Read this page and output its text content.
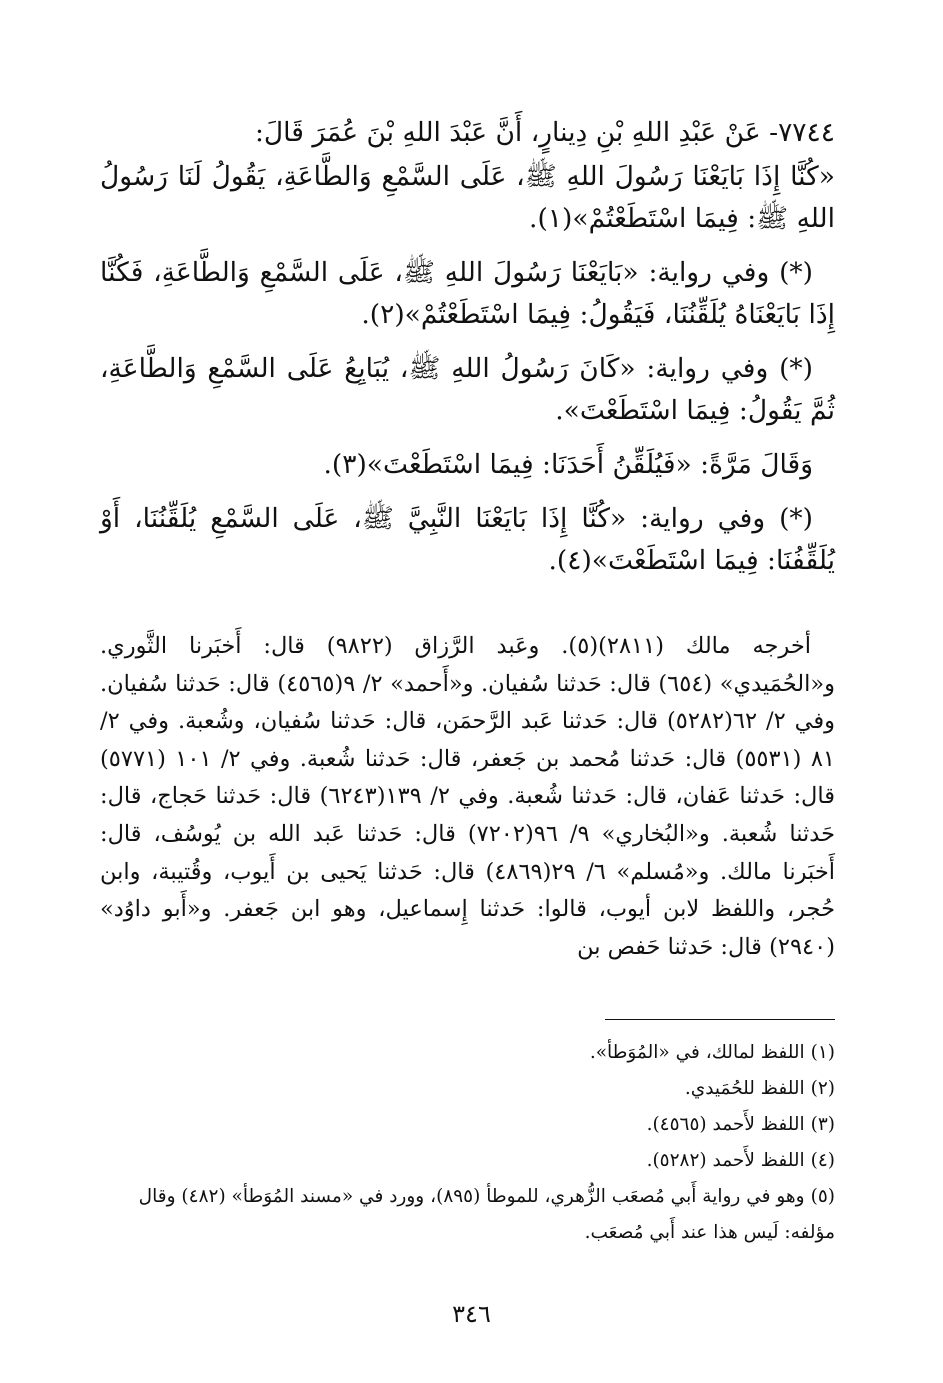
٧٧٤٤- عَنْ عَبْدِ اللهِ بْنِ دِينارٍ، أَنَّ عَبْدَ اللهِ بْنَ عُمَرَ قَالَ:

«كُنَّا إِذَا بَايَعْنَا رَسُولَ اللهِ ﷺ، عَلَى السَّمْعِ وَالطَّاعَةِ، يَقُولُ لَنَا رَسُولُ اللهِ ﷺ: فِيمَا اسْتَطَعْتُمْ»(١).

(*) وفي رواية: «بَايَعْنَا رَسُولَ اللهِ ﷺ، عَلَى السَّمْعِ وَالطَّاعَةِ، فَكُنَّا إِذَا بَايَعْنَاهُ يُلَقِّنُنَا، فَيَقُولُ: فِيمَا اسْتَطَعْتُمْ»(٢).

(*) وفي رواية: «كَانَ رَسُولُ اللهِ ﷺ، يُبَايِعُ عَلَى السَّمْعِ وَالطَّاعَةِ، ثُمَّ يَقُولُ: فِيمَا اسْتَطَعْتَ».

وَقَالَ مَرَّةً: «فَيُلَقِّنُ أَحَدَنَا: فِيمَا اسْتَطَعْتَ»(٣).

(*) وفي رواية: «كُنَّا إِذَا بَايَعْنَا النَّبِيَّ ﷺ، عَلَى السَّمْعِ يُلَقِّنُنَا، أَوْ يُلَقِّفُنَا: فِيمَا اسْتَطَعْتَ»(٤).

أخرجه مالك (٢٨١١)(٥). وعَبد الرَّزاق (٩٨٢٢) قال: أَخبَرنا الثَّوري. و«الحُمَيدي» (٦٥٤) قال: حَدثنا سُفيان. و«أَحمد» ٢/ ٩(٤٥٦٥) قال: حَدثنا سُفيان. وفي ٢/ ٦٢(٥٢٨٢) قال: حَدثنا عَبد الرَّحمَن، قال: حَدثنا سُفيان، وشُعبة. وفي ٢/ ٨١ (٥٥٣١) قال: حَدثنا مُحمد بن جَعفر، قال: حَدثنا شُعبة. وفي ٢/ ١٠١ (٥٧٧١) قال: حَدثنا عَفان، قال: حَدثنا شُعبة. وفي ٢/ ١٣٩(٦٢٤٣) قال: حَدثنا حَجاج، قال: حَدثنا شُعبة. و«البُخاري» ٩/ ٩٦(٧٢٠٢) قال: حَدثنا عَبد الله بن يُوسُف، قال: أَخبَرنا مالك. و«مُسلم» ٦/ ٢٩(٤٨٦٩) قال: حَدثنا يَحيى بن أَيوب، وقُتيبة، وابن حُجر، واللفظ لابن أيوب، قالوا: حَدثنا إِسماعيل، وهو ابن جَعفر. و«أَبو داوُد» (٢٩٤٠) قال: حَدثنا حَفص بن

(١)اللفظ لمالك، في «المُوَطأ».

(٢)اللفظ للحُمَيدي.

(٣)اللفظ لأَحمد (٤٥٦٥).

(٤)اللفظ لأَحمد (٥٢٨٢).

(٥)وهو في رواية أَبي مُصعَب الزُّهري، للموطأ (٨٩٥)، وورد في «مسند المُوَطأ» (٤٨٢) وقال مؤلفه: لَيس هذا عند أَبي مُصعَب.

٣٤٦
